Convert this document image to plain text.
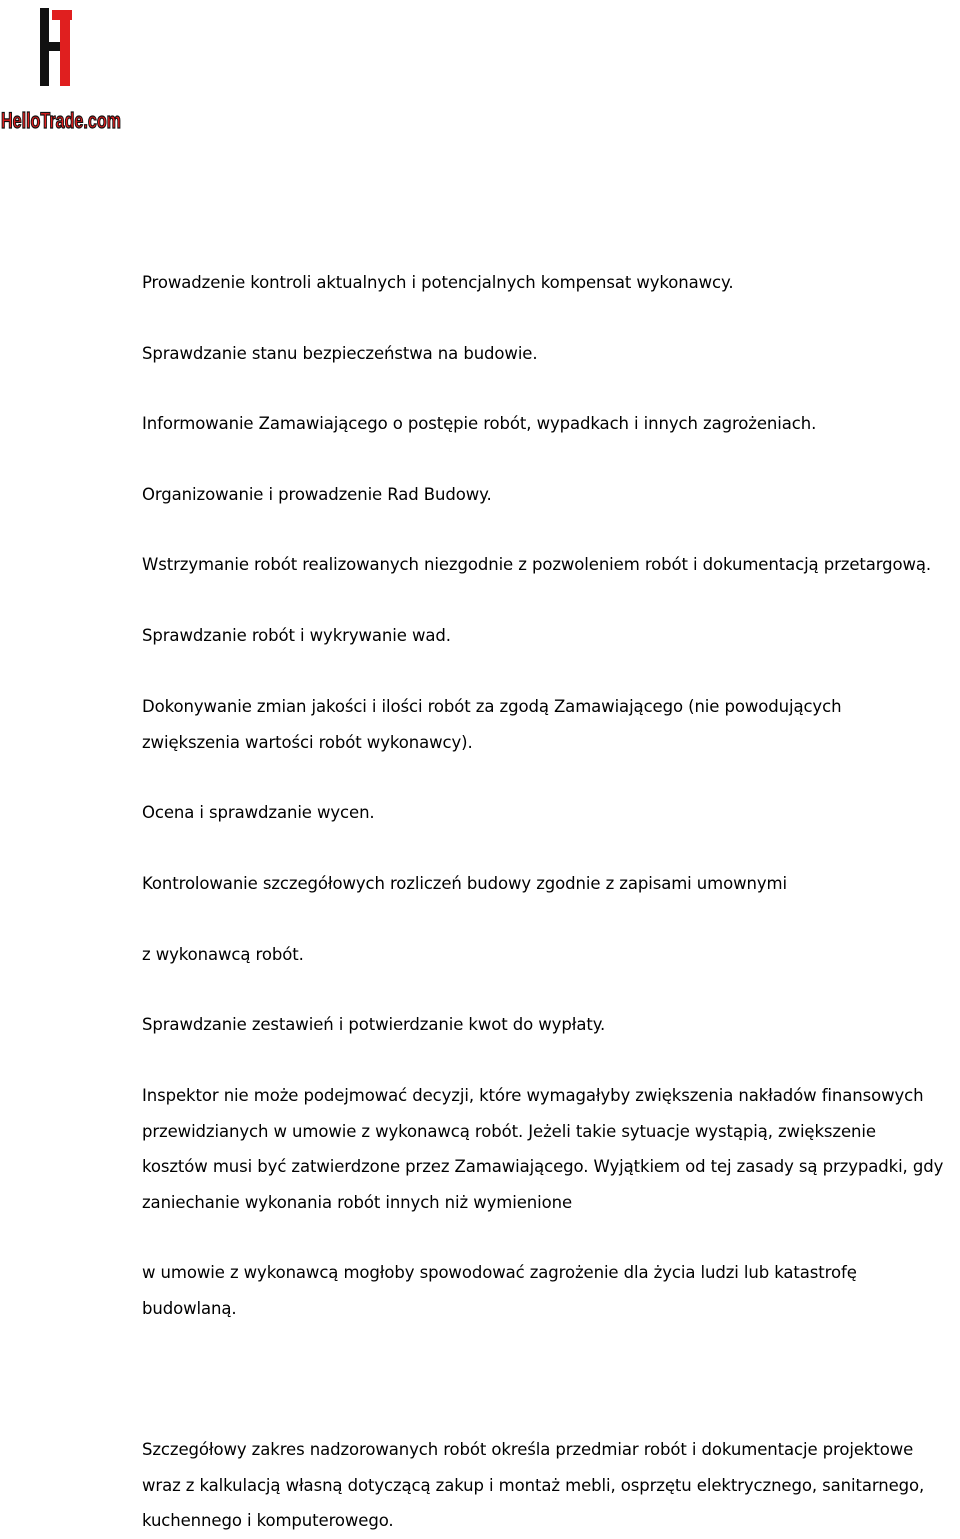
HelloTrade.com
Prowadzenie kontroli aktualnych i potencjalnych kompensat wykonawcy.
Sprawdzanie stanu bezpieczeństwa na budowie.
Informowanie Zamawiającego o postępie robót, wypadkach i innych zagrożeniach.
Organizowanie i prowadzenie Rad Budowy.
Wstrzymanie robót realizowanych niezgodnie z pozwoleniem robót i dokumentacją przetargową.
Sprawdzanie robót i wykrywanie wad.
Dokonywanie zmian jakości i ilości robót za zgodą Zamawiającego (nie powodujących
zwiększenia wartości robót wykonawcy).
Ocena i sprawdzanie wycen.
Kontrolowanie szczegółowych rozliczeń budowy zgodnie z zapisami umownymi
z wykonawcą robót.
Sprawdzanie zestawień i potwierdzanie kwot do wypłaty.
Inspektor nie może podejmować decyzji, które wymagałyby zwiększenia nakładów finansowych
przewidzianych w umowie z wykonawcą robót. Jeżeli takie sytuacje wystąpią, zwiększenie
kosztów musi być zatwierdzone przez Zamawiającego. Wyjątkiem od tej zasady są przypadki, gdy
zaniechanie wykonania robót innych niż wymienione
w umowie z wykonawcą mogłoby spowodować zagrożenie dla życia ludzi lub katastrofę
budowlaną.
Szczegółowy zakres nadzorowanych robót określa przedmiar robót i dokumentacje projektowe
wraz z kalkulacją własną dotyczącą zakup i montaż mebli, osprzętu elektrycznego, sanitarnego,
kuchennego i komputerowego.
